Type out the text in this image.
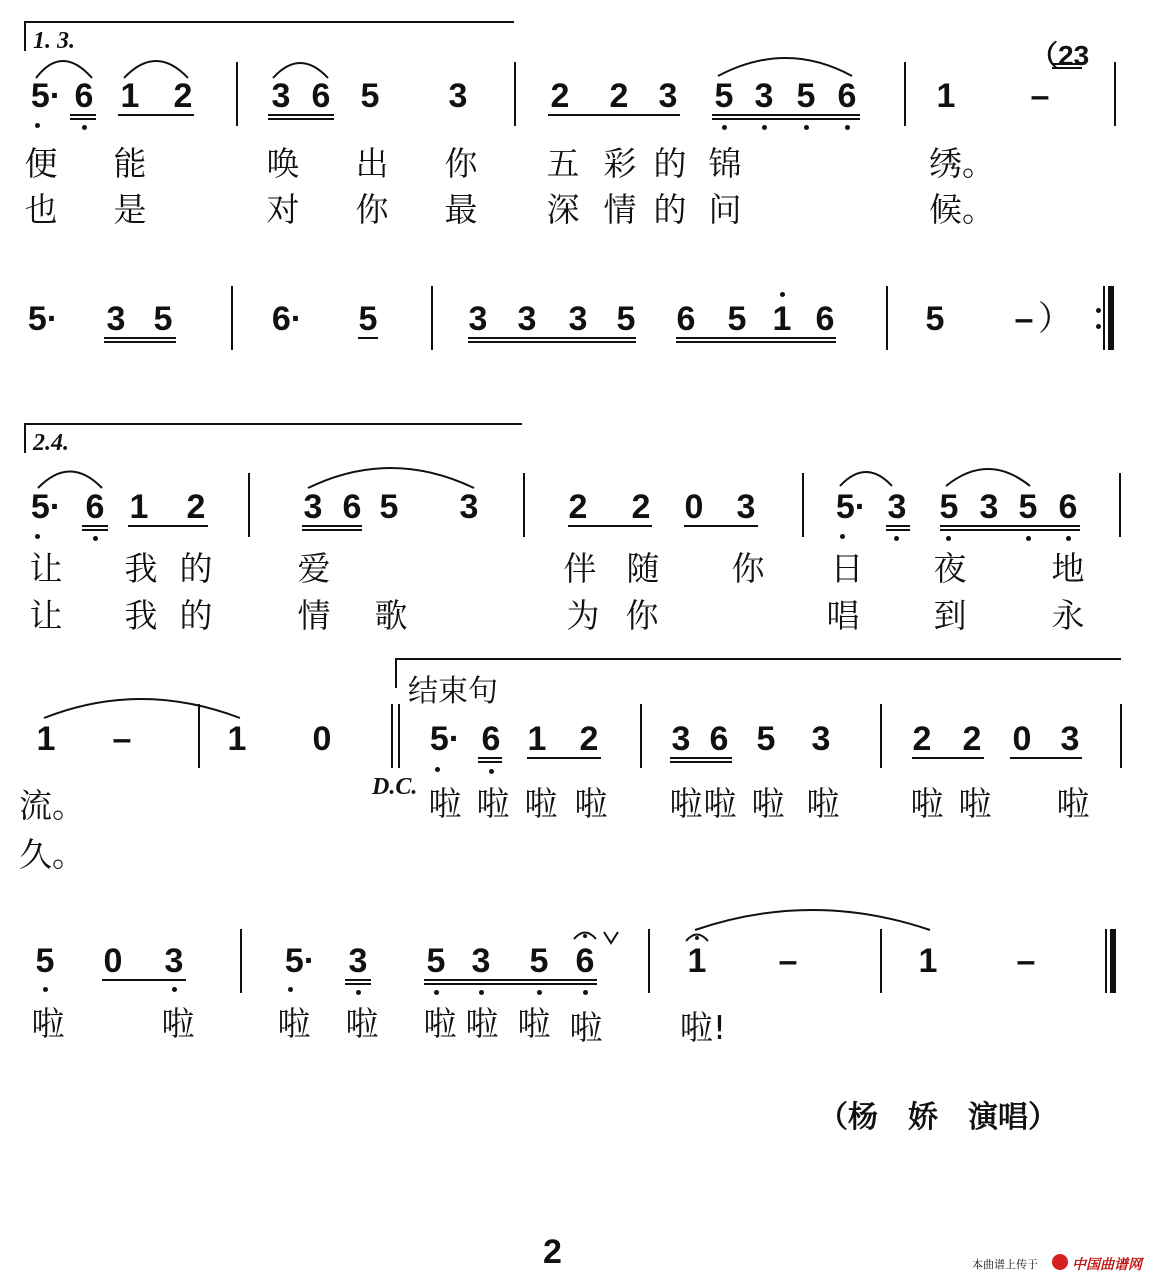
1. 3.	（23
5· 6 1 2 3 6 5 3 2 2 3 5 3 5 6 1 –
便 能	唤 出 你 五 彩 的 锦	绣。
也 是	对 你 最 深 情 的 问	候。
5· 3 5	6· 5	3 3 3 5 6 5 1 6	5 – ）
2.4.
5· 6 1 2	3 6 5 3	2 2 0 3 5· 3 5 3 5 6
让 我 的	爱	伴 随 你 日 夜	地
让 我 的	情 歌	为 你	唱 到	永
结束句
1 –	1 0	5· 6 1 2 3 6 5 3 2 2 0 3
D.C.
流。	啦 啦 啦 啦 啦 啦 啦 啦 啦 啦 啦
久。
5 0 3	5· 3 5 3 5 6	1 –	1 –
啦	啦	啦 啦 啦 啦 啦 啦 啦!
（杨　娇　演唱）
2	本曲谱上传于 中国曲谱网
